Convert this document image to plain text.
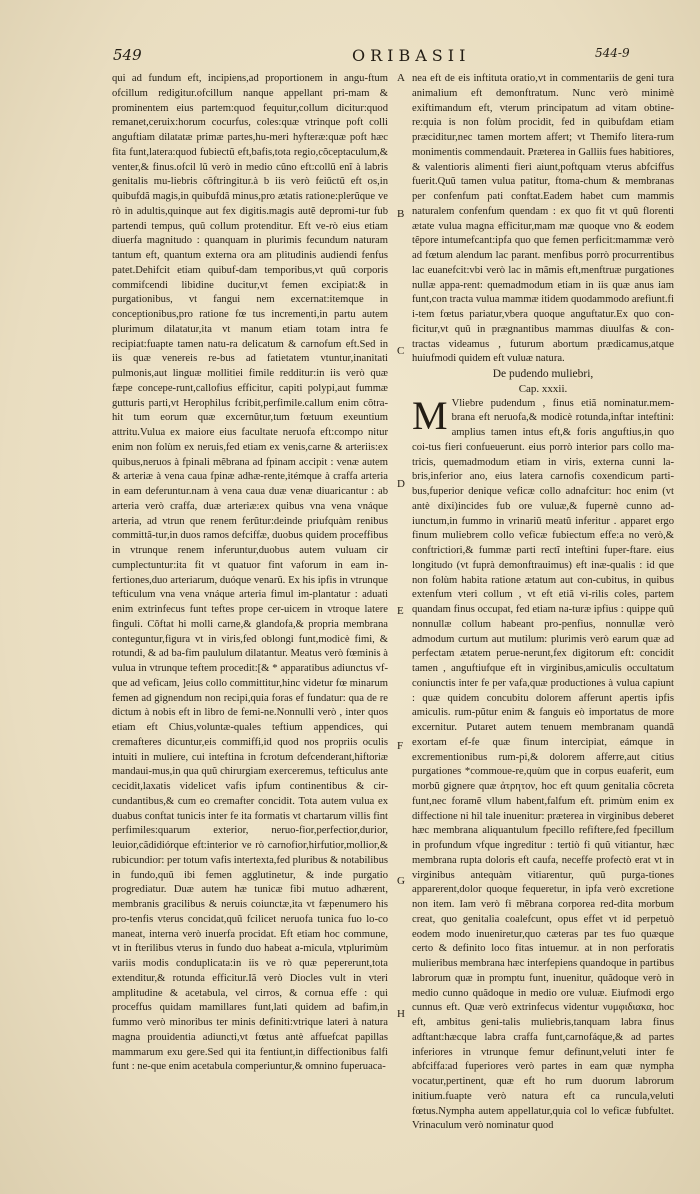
549	ORIBASII	544-9

qui ad fundum eft, incipiens,ad proportionem in angu-ftum ofcillum redigitur.ofcillum nanque appellant pri-mam & prominentem eius partem:quod fequitur,collum dicitur:quod remanet,ceruix:horum cocurfus, coles:quæ vtrinque poft colli anguftiam dilatatæ primæ partes,hu-meri hyfteræ:quæ poft hæc fita funt,latera:quod fubiectũ eft,bafis,tota regio,cõceptaculum,& venter,& finus.ofcil lũ verò in medio cũno eft:collũ enĩ à labris genitalis mu-liebris cõftringitur.à b iis verò feiũctũ eft os,in quibufdã magis,in quibufdã minus,pro ætatis ratione:plerũque ve rò in adultis,quinque aut fex digitis.magis autẽ depromi-tur fub partendi tempus, quũ collum protenditur. Eft ve-rò eius etiam diuerfa magnitudo : quanquam in plurimis fecundum naturam tantum eft, quantum externa ora am plitudinis audiendi fenfus patet.Dehifcit etiam quibuf-dam temporibus,vt quũ corporis commifcendi libidine ducitur,vt femen excipiat:& in purgationibus, vt fangui nem excernat:itemque in conceptionibus,pro ratione fœ tus incrementi,in partu autem plurimum dilatatur,ita vt manum etiam totam intra fe recipiat:fuapte tamen natu-ra delicatum & carnofum eft.Sed in iis quæ venereis re-bus ad fatietatem vtuntur,inanitati pulmonis,aut linguæ mollitiei fimile redditur:in iis verò quæ fæpe concepe-runt,callofius efficitur, capiti polypi,aut fummæ gutturis parti,vt Herophilus fcribit,perfimile.callum enim cõtra-hit tum eorum quæ excernũtur,tum fœtuum exeuntium attritu.Vulua ex maiore eius facultate neruofa eft:compo nitur enim non folùm ex neruis,fed etiam ex venis,carne & arteriis:ex quibus,neruos à fpinali mẽbrana ad fpinam accipit : venæ autem & arteriæ à vena caua fpinæ adhæ-rente,itémque à craffa arteria in eam deferuntur.nam à vena caua duæ venæ diuaricantur : ab arteria verò craffa, duæ arteriæ:ex quibus vna vena vnáque arteria, ad vtrun que renem ferũtur:deinde priufquàm renibus committã-tur,in duos ramos defciffæ, duobus quidem proceffibus in vtrunque renem inferuntur,duobus autem vuluam cir cumplectuntur:ita fit vt quatuor fint vaforum in eam in-fertiones,duo arteriarum, duóque venarũ. Ex his ipfis in vtrunque tefticulum vna vena vnáque arteria fimul im-plantatur : aduati enim extrinfecus funt teftes prope cer-uicem in vtroque latere finguli. Cõftat hi molli carne,& glandofa,& propria membrana conteguntur,figura vt in viris,fed oblongi funt,modicè fimi, & rotundi, & ad ba-fim paululum dilatantur. Meatus verò fœminis à vulua in vtrunque teftem procedit:[& * apparatibus adiunctus vf-que ad veficam, ]eius collo committitur,hinc videtur fœ minarum femen ad gignendum non recipi,quia foras ef fundatur: qua de re dictum à nobis eft in libro de femi-ne.Nonnulli verò , inter quos etiam eft Chius,voluntæ-quales teftium appendices, qui cremafteres dicuntur,eis commiffi,id quod nos propriis oculis intuiti in muliere, cui inteftina in fcrotum defcenderant,hiftoriæ mandaui-mus,in qua quũ chirurgiam exerceremus, tefticulus ante cecidit,laxatis videlicet vafis ipfum continentibus & cir-cundantibus,& cum eo cremafter concidit. Tota autem vulua ex duabus conftat tunicis inter fe ita formatis vt chartarum villis fint perfimiles:quarum exterior, neruo-fior,perfectior,durior, leuior,cãdidiórque eft:interior ve rò carnofior,hirfutior,mollior,& rubicundior: per totum vafis intertexta,fed pluribus & notabilibus in fundo,quũ ibi femen agglutinetur, & inde purgatio progrediatur. Duæ autem hæ tunicæ fibi mutuo adhærent, membranis gracilibus & neruis coiunctæ,ita vt fæpenumero his pro-tenfis vterus concidat,quũ fcilicet neruofa tunica fuo lo-co maneat, interna verò inuerfa procidat. Eft etiam hoc commune, vt in fterilibus vterus in fundo duo habeat a-micula, vtplurimùm variis modis conduplicata:in iis ve rò quæ pepererunt,tota extenditur,& rotunda efficitur.Iã verò Diocles vult in vteri amplitudine & acetabula, vel cirros, & cornua effe : qui proceffus quidam mamillares funt,lati quidem ad bafim,in fummo verò minoribus ter minis definiti:vtrique lateri à natura magna prouidentia adiuncti,vt fœtus antè affuefcat papillas mammarum exu gere.Sed qui ita fentiunt,in diffectionibus falfi funt : ne-que enim acetabula comperiuntur,& omnino fuperuaca-

A
B
C
D
E
F
G
H

nea eft de eis inftituta oratio,vt in commentariis de geni tura animalium eft demonftratum. Nunc verò minimè exiftimandum eft, vterum principatum ad vitam obtine-re:quia is non folùm procidit, fed in quibufdam etiam præciditur,nec tamen mortem affert; vt Themifo litera-rum monimentis commendauit. Præterea in Galliis fues habitiores, & valentioris alimenti fieri aiunt,poftquam vterus abfciffus fuerit.Quũ tamen vulua patitur, ftoma-chum & membranas per confenfum pati conftat.Eadem habet cum mammis naturalem confenfum quendam : ex quo fit vt quũ florenti ætate vulua magna efficitur,mam mæ quoque vno & eodem tẽpore intumefcant:ipfa quo que femen perficit:mammæ verò ad fœtum alendum lac parant. menfibus porrò procurrentibus lac euanefcit:vbi verò lac in mãmis eft,menftruæ purgationes nullæ appa-rent: quemadmodum etiam in iis quæ anus iam funt,con tracta vulua mammæ itidem quodammodo arefiunt.fi i-tem fœtus pariatur,vbera quoque anguftatur.Ex quo con-ficitur,vt quũ in prægnantibus mammas diuulfas & con-tractas videamus , futurum abortum prædicamus,atque huiufmodi quidem eft vuluæ natura.

De pudendo muliebri,

Cap. xxxii.

M Vliebre pudendum , finus etiã nominatur.mem-brana eft neruofa,& modicè rotunda,inftar inteftini: amplius tamen intus eft,& foris anguftius,in quo coi-tus fieri confueuerunt. eius porrò interior pars collo ma-tricis, quemadmodum etiam in viris, externa cunni la-bris,inferior ano, eius latera carnofis coxendicum parti-bus,fuperior denique veficæ collo adnafcitur: hoc enim (vt antè dixi)incides fub ore vuluæ,& fupernè cunno ad-iunctum,in fummo in vrinariũ meatũ inferitur . apparet ergo finum muliebrem collo veficæ fubiectum effe:a no verò,& conftrictiori,& fummæ parti rectĩ inteftini fuper-ftare. eius longitudo (vt fuprà demonftrauimus) eft inæ-qualis : id que non folùm habita ratione ætatum aut con-cubitus, in quibus extenfum vteri collum , vt eft etiã vi-rilis coles, partem quandam finus occupat, fed etiam na-turæ ipfius : quippe quũ nonnullæ collum habeant pro-penfius, nonnullæ verò admodum curtum aut mutilum: plurimis verò earum quæ ad perfectam ætatem perue-nerunt,fex digitorum eft: concidit tamen , anguftiufque eft in virginibus,amiculis occultatum coniunctis inter fe per vafa,quæ productiones à vulua capiunt : quæ quidem concubitu dolorem afferunt apertis ipfis amiculis. rum-pũtur enim & fanguis eò importatus de more excernitur. Putaret autem tenuem membranam quandã exortam ef-fe quæ finum intercipiat, eámque in excrementionibus rum-pi,& dolorem afferre,aut citius purgationes *commoue-re,quùm que in corpus euaferit, eum morbũ gignere quæ ἀτρητον, hoc eft quum genitalia cõcreta funt,nec foramẽ vllum habent,falfum eft. primùm enim ex diffectione ni hil tale inuenitur: præterea in virginibus deberet hæc membrana aliquantulum fpecillo refiftere,fed fpecillum in profundum vfque ingreditur : tertiò fi quũ vitiantur, hæc membrana rupta doloris eft caufa, neceffe profectò erat vt in virginibus antequàm vitiarentur, quũ purga-tiones apparerent,dolor quoque fequeretur, in ipfa verò excretione non item. Iam verò fi mẽbrana corporea red-dita morbum creat, quo genitalia coalefcunt, opus effet vt id perpetuò eodem modo inueniretur,quo cæteras par tes fuo quæque certo & definito loco fitas intuemur. at in non perforatis mulieribus membrana hæc interfepiens quandoque in partibus labrorum quæ in promptu funt, inuenitur, quãdoque verò in medio cunno quãdoque in medio ore vuluæ. Eiufmodi ergo cunnus eft. Quæ verò extrinfecus videntur νυμφιδιακα, hoc eft, ambitus geni-talis muliebris,tanquam labra finus adftant:hæcque labra craffa funt,carnofáque,& ad partes inferiores in vtrunque femur definunt,veluti inter fe abfciffa:ad fuperiores verò partes in eam quæ nympha vocatur,pertinent, quæ eft ho rum duorum labrorum initium.fuapte verò natura eft ca runcula,veluti fœtus.Nympha autem appellatur,quia col lo veficæ fubfultet. Vrinaculum verò nominatur quod
